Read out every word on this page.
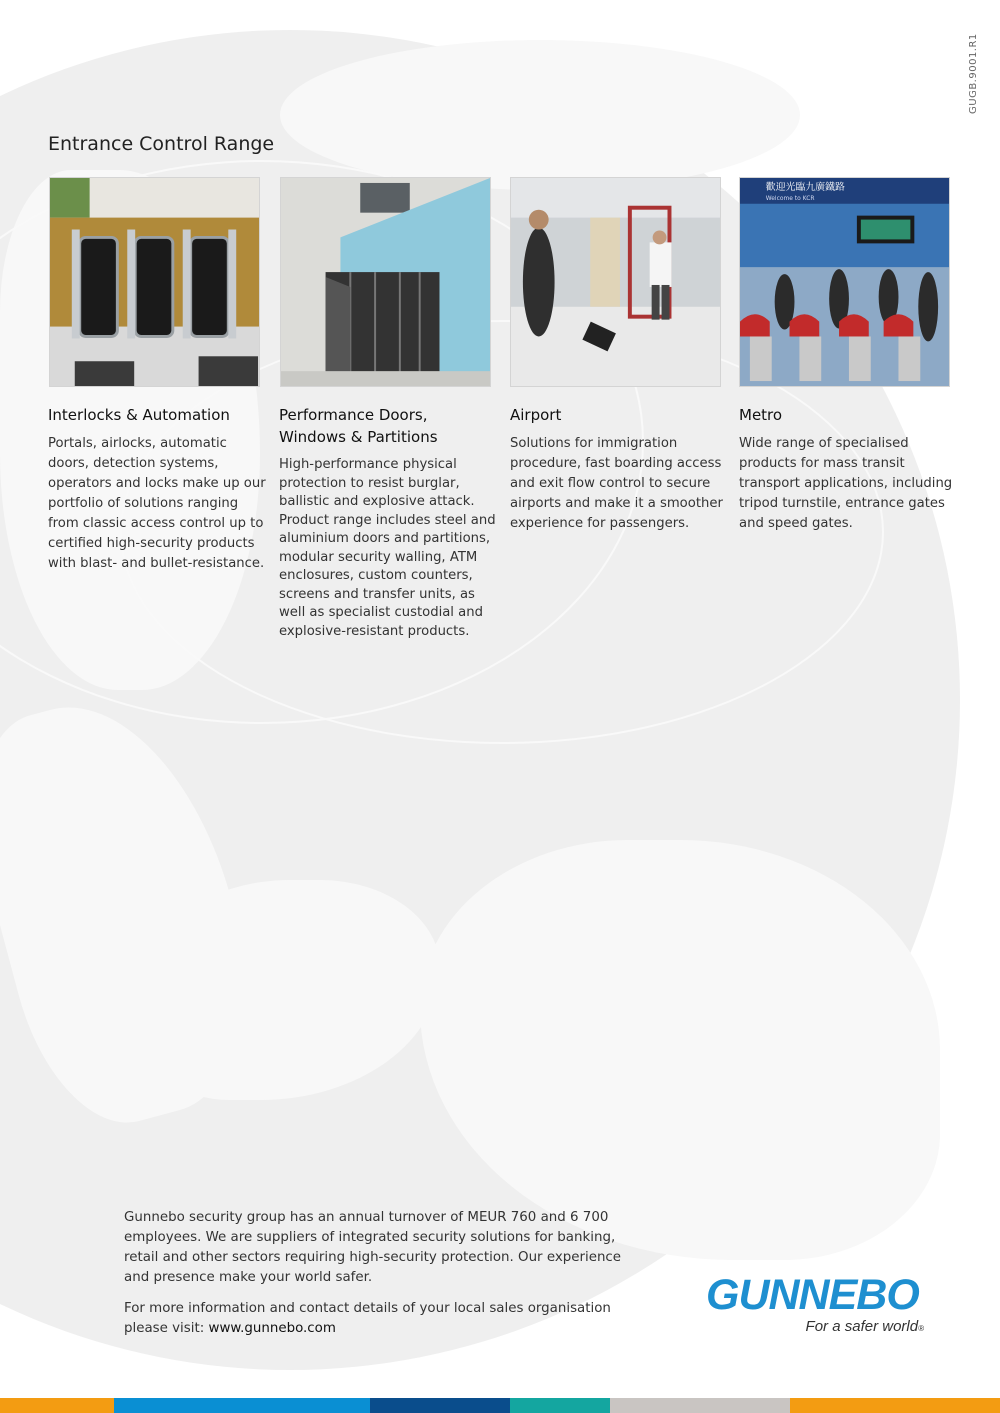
GUGB.9001.R1
Entrance Control Range
歡迎光臨九廣鐵路
Welcome to KCR
Interlocks & Automation

Portals, airlocks, automatic doors, detection systems, operators and locks make up our portfolio of solutions ranging from classic access control up to certified high-security products with blast- and bullet-resistance.

Performance Doors, Windows & Partitions

High-performance physical protection to resist burglar, ballistic and explosive attack. Product range includes steel and aluminium doors and partitions, modular security walling, ATM enclosures, custom counters, screens and transfer units, as well as specialist custodial and explosive-resistant products.

Airport

Solutions for immigration procedure, fast boarding access and exit flow control to secure airports and make it a smoother experience for passengers.

Metro

Wide range of specialised products for mass transit transport applications, including tripod turnstile, entrance gates and speed gates.

Gunnebo security group has an annual turnover of MEUR 760 and 6 700 employees. We are suppliers of integrated security solutions for banking, retail and other sectors requiring high-security protection. Our experience and presence make your world safer.

For more information and contact details of your local sales organisation please visit: www.gunnebo.com

GUNNEBO
For a safer world®
